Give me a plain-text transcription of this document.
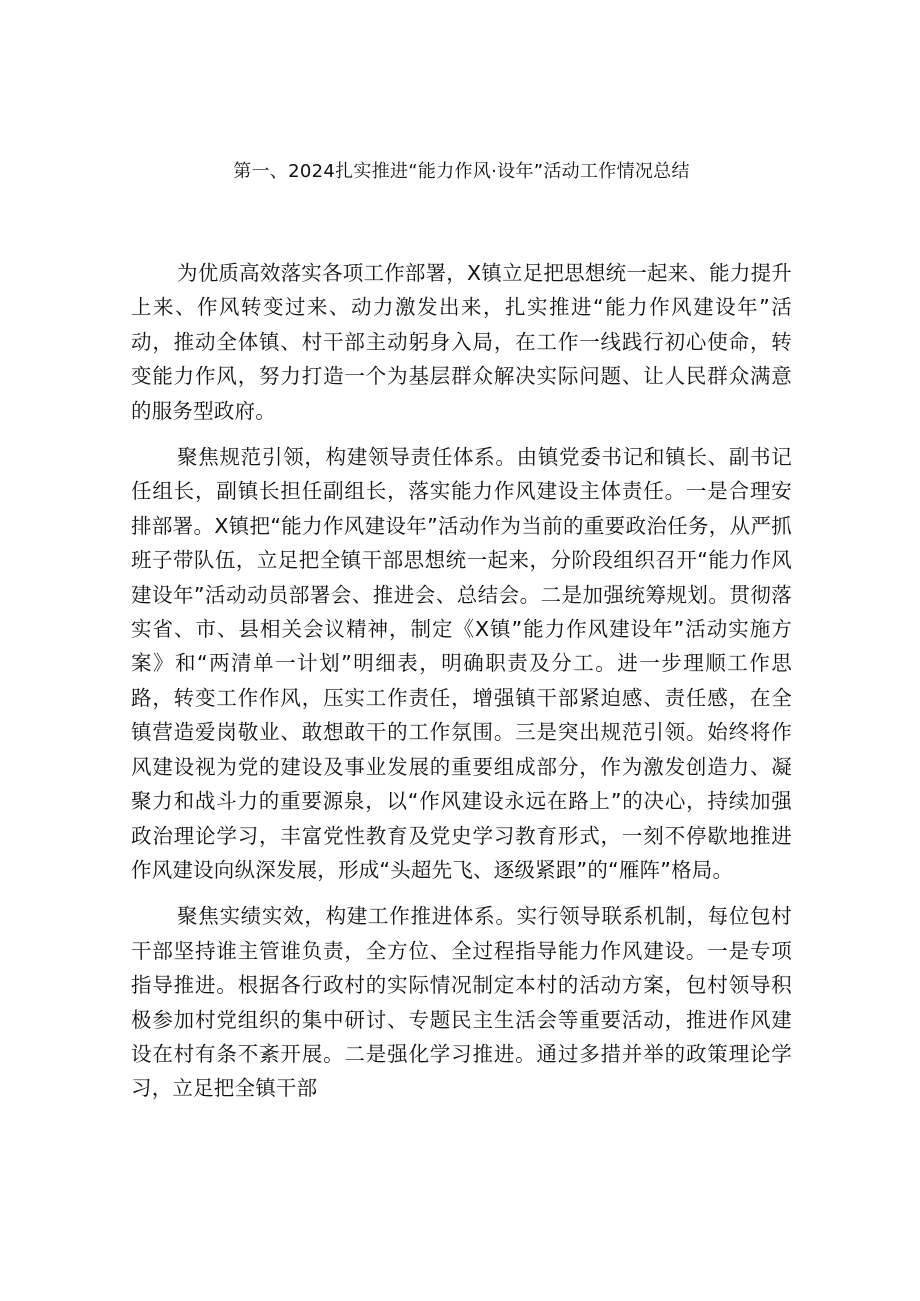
第一、2024扎实推进“能力作风·设年”活动工作情况总结

为优质高效落实各项工作部署，X镇立足把思想统一起来、能力提升上来、作风转变过来、动力激发出来，扎实推进“能力作风建设年”活动，推动全体镇、村干部主动躬身入局，在工作一线践行初心使命，转变能力作风，努力打造一个为基层群众解决实际问题、让人民群众满意的服务型政府。

聚焦规范引领，构建领导责任体系。由镇党委书记和镇长、副书记任组长，副镇长担任副组长，落实能力作风建设主体责任。一是合理安排部署。X镇把“能力作风建设年”活动作为当前的重要政治任务，从严抓班子带队伍，立足把全镇干部思想统一起来，分阶段组织召开“能力作风建设年”活动动员部署会、推进会、总结会。二是加强统筹规划。贯彻落实省、市、县相关会议精神，制定《X镇”能力作风建设年”活动实施方案》和“两清单一计划”明细表，明确职责及分工。进一步理顺工作思路，转变工作作风，压实工作责任，增强镇干部紧迫感、责任感，在全镇营造爱岗敬业、敢想敢干的工作氛围。三是突出规范引领。始终将作风建设视为党的建设及事业发展的重要组成部分，作为激发创造力、凝聚力和战斗力的重要源泉，以“作风建设永远在路上”的决心，持续加强政治理论学习，丰富党性教育及党史学习教育形式，一刻不停歇地推进作风建设向纵深发展，形成“头超先飞、逐级紧跟”的“雁阵”格局。

聚焦实绩实效，构建工作推进体系。实行领导联系机制，每位包村干部坚持谁主管谁负责，全方位、全过程指导能力作风建设。一是专项指导推进。根据各行政村的实际情况制定本村的活动方案，包村领导积极参加村党组织的集中研讨、专题民主生活会等重要活动，推进作风建设在村有条不紊开展。二是强化学习推进。通过多措并举的政策理论学习，立足把全镇干部
